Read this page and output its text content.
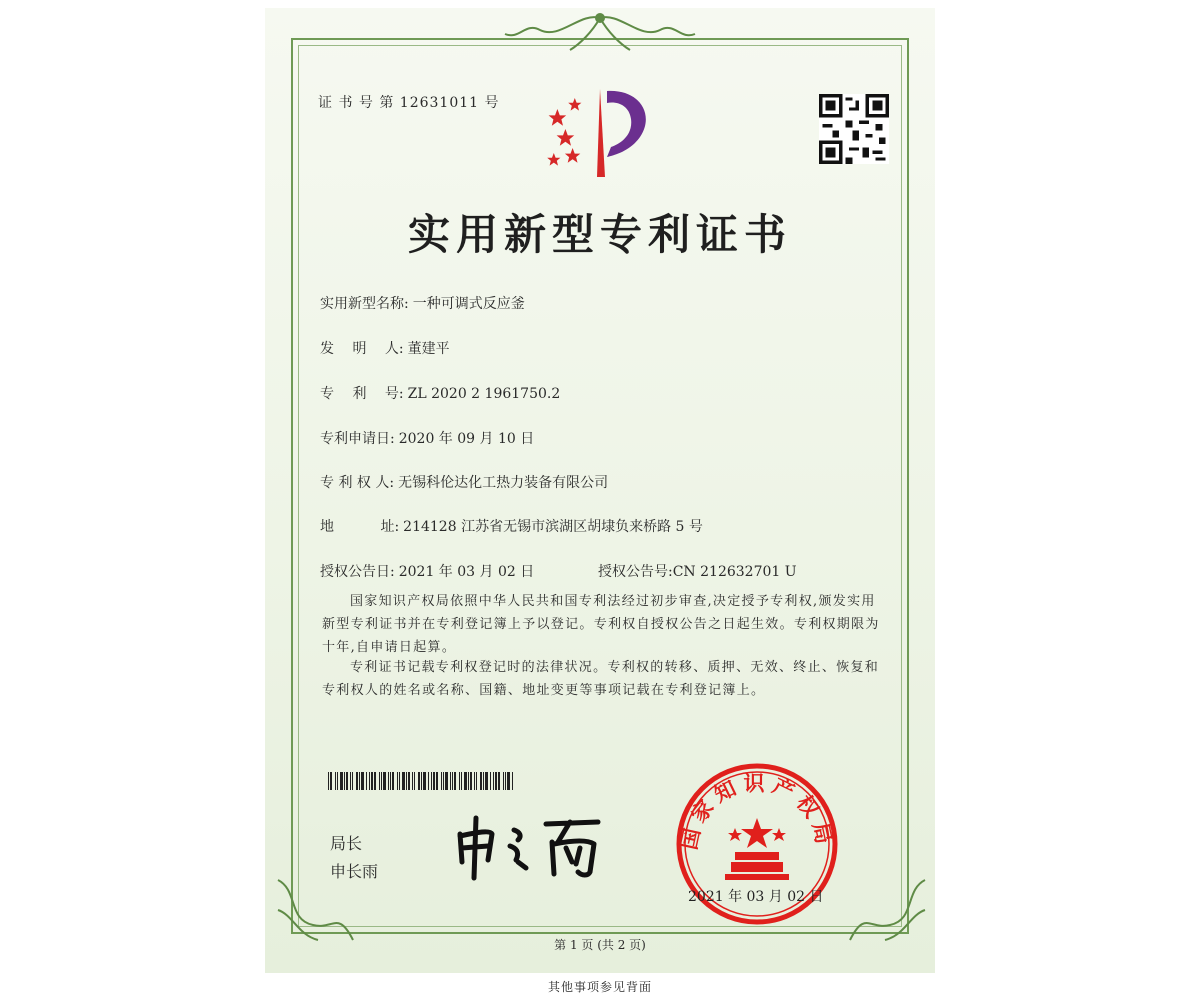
证 书 号 第 12631011 号
实用新型专利证书
实用新型名称: 一种可调式反应釜
发　 明　 人: 董建平
专　 利　 号: ZL 2020 2 1961750.2
专利申请日: 2020 年 09 月 10 日
专 利 权 人: 无锡科伦达化工热力装备有限公司
地　　　 址: 214128 江苏省无锡市滨湖区胡埭负来桥路 5 号
授权公告日: 2021 年 03 月 02 日	授权公告号:CN 212632701 U
国家知识产权局依照中华人民共和国专利法经过初步审查,决定授予专利权,颁发实用新型专利证书并在专利登记簿上予以登记。专利权自授权公告之日起生效。专利权期限为十年,自申请日起算。
专利证书记载专利权登记时的法律状况。专利权的转移、质押、无效、终止、恢复和专利权人的姓名或名称、国籍、地址变更等事项记载在专利登记簿上。
局长
申长雨
国家知识产权局
2021 年 03 月 02 日
第 1 页 (共 2 页)
其他事项参见背面
